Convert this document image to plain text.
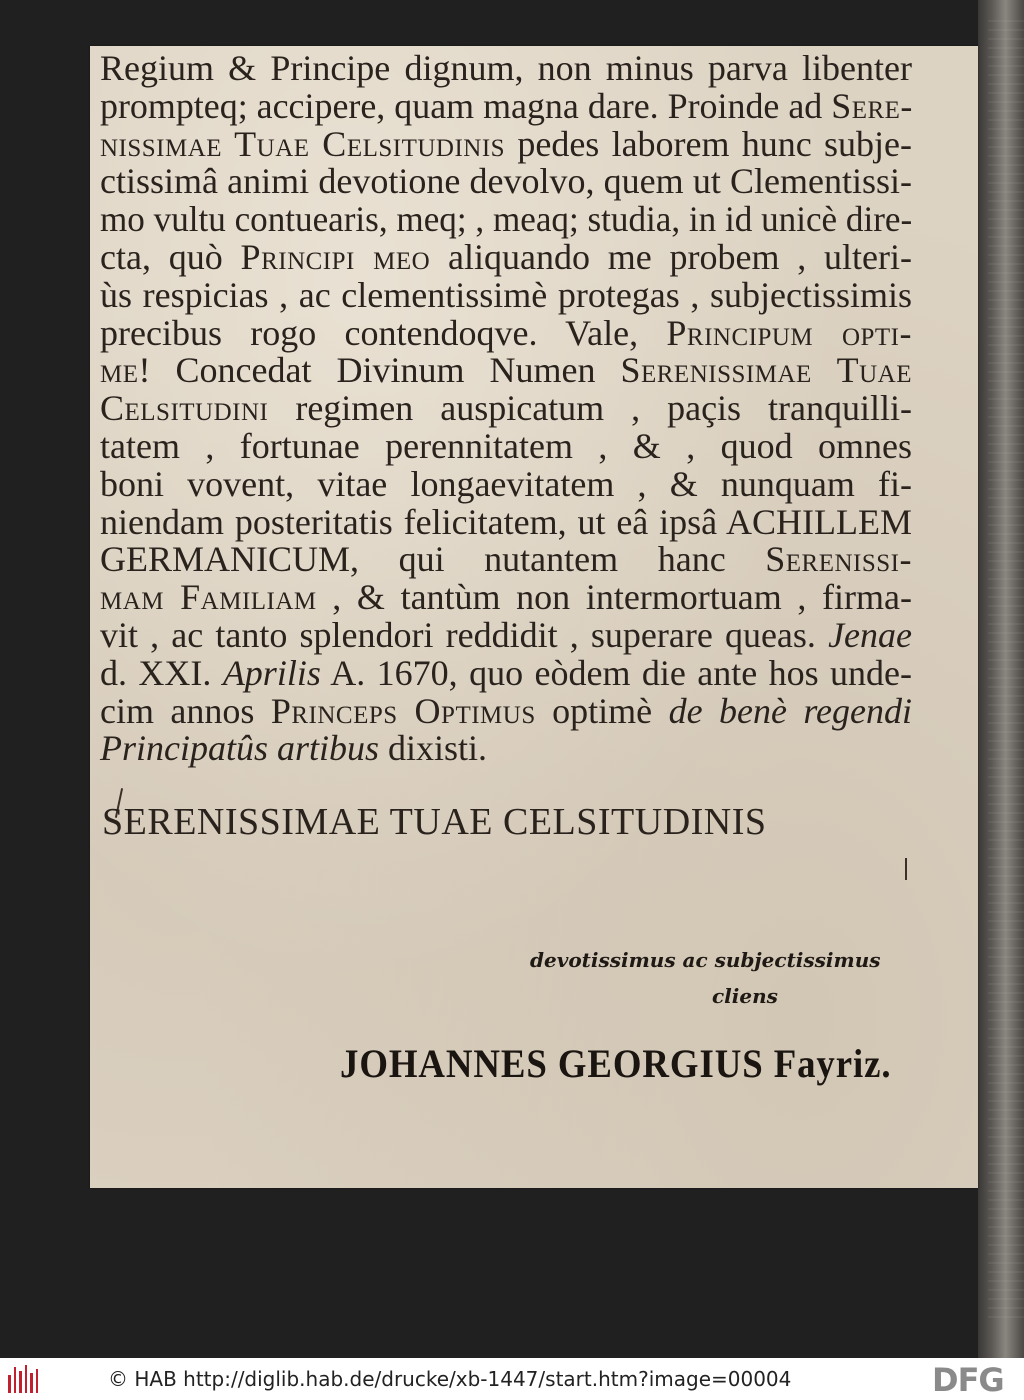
Regium & Principe dignum, non minus parva libenter
prompteq; accipere, quam magna dare. Proinde ad Sere-
nissimae Tuae Celsitudinis pedes laborem hunc subje-
ctissimâ animi devotione devolvo, quem ut Clementissi-
mo vultu contuearis, meq; , meaq; studia, in id unicè dire-
cta, quò Principi meo aliquando me probem , ulteri-
ùs respicias , ac clementissimè protegas , subjectissimis
precibus rogo contendoqve. Vale, Principum opti-
me! Concedat Divinum Numen Serenissimae Tuae
Celsitudini regimen auspicatum , paçis tranquilli-
tatem , fortunae perennitatem , & , quod omnes
boni vovent, vitae longaevitatem , & nunquam fi-
niendam posteritatis felicitatem, ut eâ ipsâ ACHILLEM
GERMANICUM, qui nutantem hanc Serenissi-
mam Familiam , & tantùm non intermortuam , firma-
vit , ac tanto splendori reddidit , superare queas. Jenae
d. XXI. Aprilis A. 1670, quo eòdem die ante hos unde-
cim annos Princeps Optimus optimè de benè regendi
Principatûs artibus dixisti.
SERENISSIMAE TUAE CELSITUDINIS
devotissimus ac subjectissimus
cliens
JOHANNES GEORGIUS Fayriz.
© HAB http://diglib.hab.de/drucke/xb-1447/start.htm?image=00004	DFG
